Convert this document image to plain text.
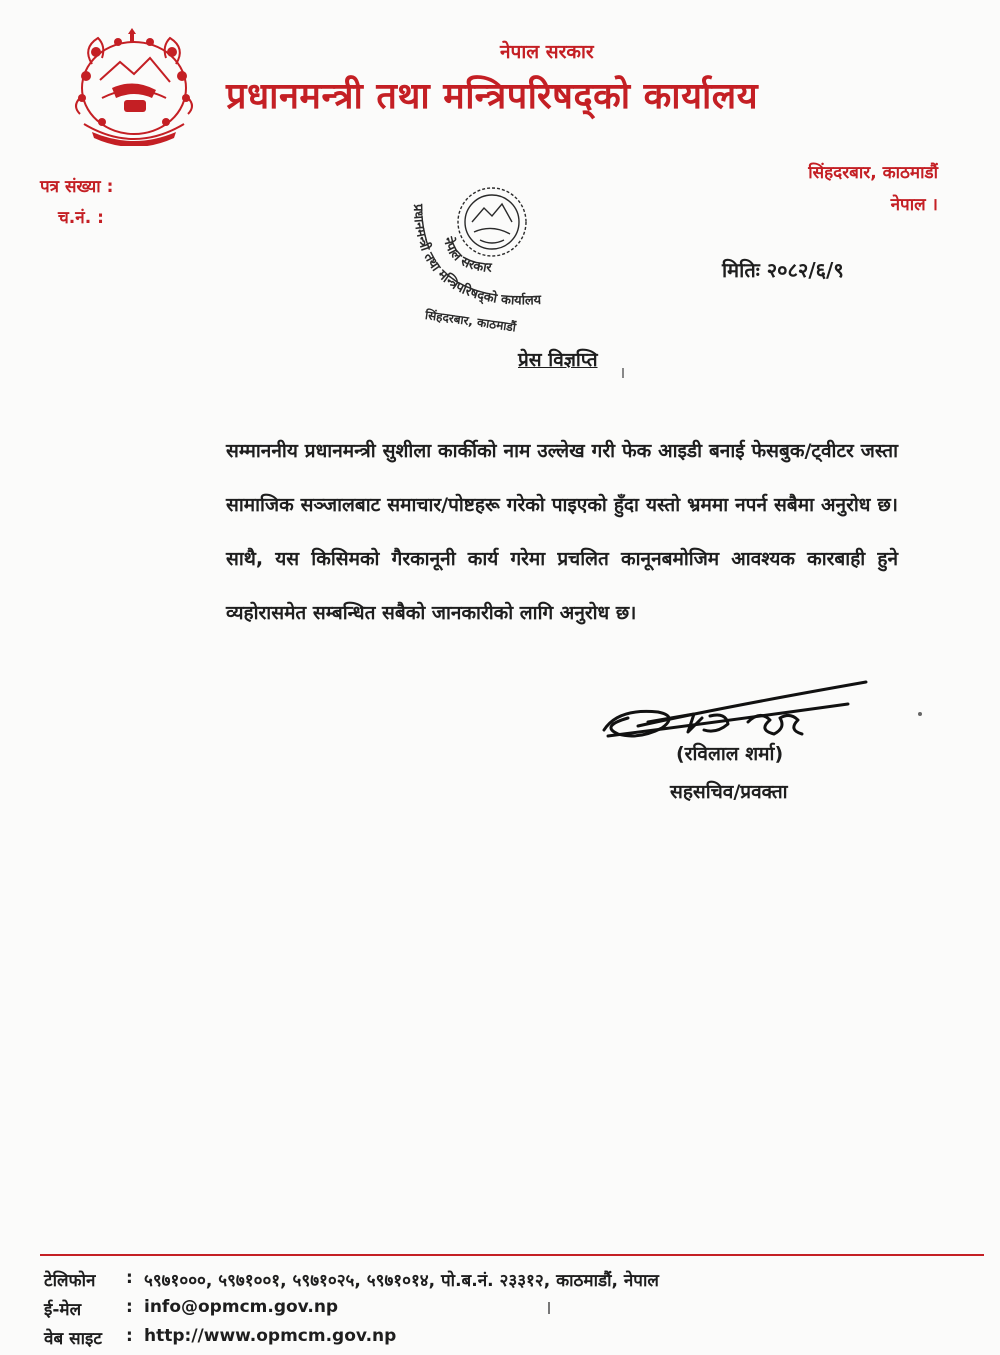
नेपाल सरकार
प्रधानमन्त्री तथा मन्त्रिपरिषद्को कार्यालय
पत्र संख्या :
च.नं. :
सिंहदरबार, काठमाडौं
नेपाल ।
प्रधानमन्त्री तथा मन्त्रिपरिषद्को कार्यालय
नेपाल सरकार
सिंहदरबार, काठमाडौं
मितिः २०८२/६/९
प्रेस विज्ञप्ति

सम्माननीय प्रधानमन्त्री सुशीला कार्कीको नाम उल्लेख गरी फेक आइडी बनाई फेसबुक/ट्वीटर जस्ता सामाजिक सञ्जालबाट समाचार/पोष्टहरू गरेको पाइएको हुँदा यस्तो भ्रममा नपर्न सबैमा अनुरोध छ। साथै, यस किसिमको गैरकानूनी कार्य गरेमा प्रचलित कानूनबमोजिम आवश्यक कारबाही हुने व्यहोरासमेत सम्बन्धित सबैको जानकारीको लागि अनुरोध छ।

(रविलाल शर्मा)
सहसचिव/प्रवक्ता
टेलिफोन	: ५९७१०००, ५९७१००१, ५९७१०२५, ५९७१०१४, पो.ब.नं. २३३१२, काठमाडौं, नेपाल
ई-मेल	: info@opmcm.gov.np
वेब साइट	: http://www.opmcm.gov.np
